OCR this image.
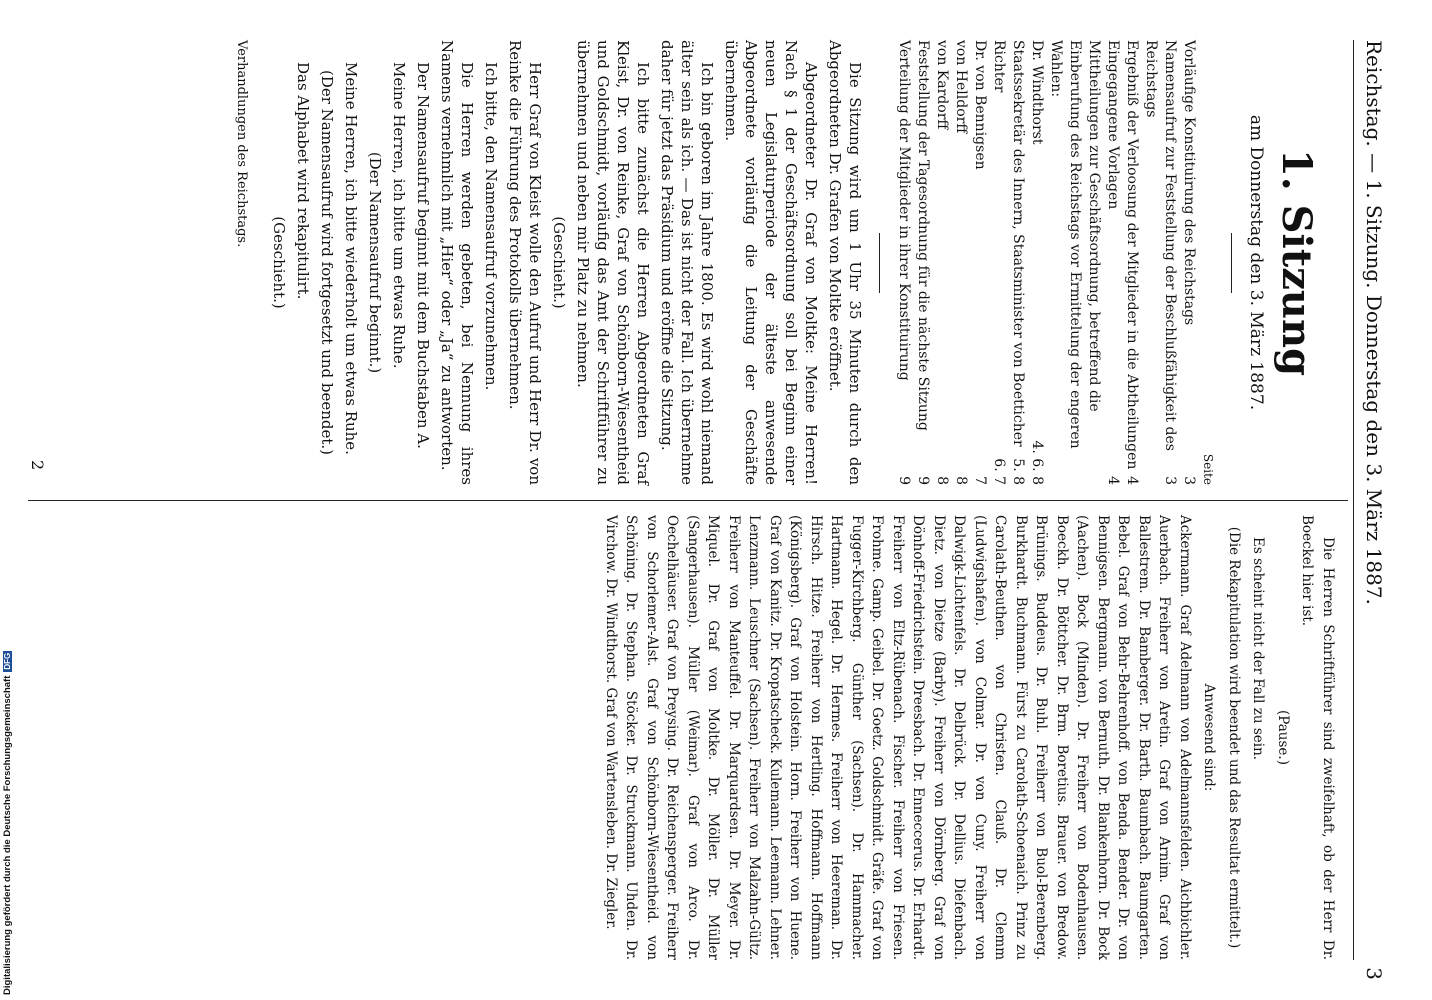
Reichstag. — 1. Sitzung. Donnerstag den 3. März 1887.
3
1. Sitzung
am Donnerstag den 3. März 1887.
Seite
Vorläufige Konstituirung des Reichstags
3
Namensaufruf zur Feststellung der Beschlußfähigkeit des Reichstags
3
Ergebniß der Verloosung der Mitglieder in die Abtheilungen
4
Eingegangene Vorlagen
4
Mittheilungen zur Geschäftsordnung, betreffend die Einberufung des Reichstags vor Ermittelung der engeren Wahlen:
Dr. Windthorst
4. 6. 8
Staatssekretär des Innern, Staatsminister von Boetticher
5. 8
Richter
6. 7
Dr. von Bennigsen
7
von Helldorff
8
von Kardorff
8
Feststellung der Tagesordnung für die nächste Sitzung
9
Verteilung der Mitglieder in ihrer Konstituirung
9
Die Sitzung wird um 1 Uhr 35 Minuten durch den Abgeordneten Dr. Grafen von Moltke eröffnet.
Abgeordneter Dr. Graf von Moltke: Meine Herren! Nach § 1 der Geschäftsordnung soll bei Beginn einer neuen Legislaturperiode der älteste anwesende Abgeordnete vorläufig die Leitung der Geschäfte übernehmen.
Ich bin geboren im Jahre 1800. Es wird wohl niemand älter sein als ich. — Das ist nicht der Fall. Ich übernehme daher für jetzt das Präsidium und eröffne die Sitzung.
Ich bitte zunächst die Herren Abgeordneten Graf Kleist, Dr. von Reinke, Graf von Schönborn-Wiesentheid und Goldschmidt, vorläufig das Amt der Schriftführer zu übernehmen und neben mir Platz zu nehmen.
(Geschieht.)
Herr Graf von Kleist wolle den Aufruf und Herr Dr. von Reinke die Führung des Protokolls übernehmen.
Ich bitte, den Namensaufruf vorzunehmen.
Die Herren werden gebeten, bei Nennung ihres Namens vernehmlich mit „Hier“ oder „Ja“ zu antworten.
Der Namensaufruf beginnt mit dem Buchstaben A.
Meine Herren, ich bitte um etwas Ruhe.
(Der Namensaufruf beginnt.)
Meine Herren, ich bitte wiederholt um etwas Ruhe.
(Der Namensaufruf wird fortgesetzt und beendet.)
Das Alphabet wird rekapitulirt.
(Geschieht.)
Verhandlungen des Reichstags.
Die Herren Schriftführer sind zweifelhaft, ob der Herr Dr. Boeckel hier ist.
(Pause.)
Es scheint nicht der Fall zu sein.
(Die Rekapitulation wird beendet und das Resultat ermittelt.)
Anwesend sind:
Ackermann. Graf Adelmann von Adelmannsfelden. Aichbichler. Auerbach. Freiherr von Aretin. Graf von Arnim. Graf von Ballestrem. Dr. Bamberger. Dr. Barth. Baumbach. Baumgarten. Bebel. Graf von Behr-Behrenhoff. von Benda. Bender. Dr. von Bennigsen. Bergmann. von Bernuth. Dr. Blankenhorn. Dr. Bock (Aachen). Bock (Minden). Dr. Freiherr von Bodenhausen. Boeckh. Dr. Böttcher. Dr. Brm. Boretius. Brauer. von Bredow. Brünings. Buddeus. Dr. Buhl. Freiherr von Buol-Berenberg. Burkhardt. Buchmann. Fürst zu Carolath-Schoenaich. Prinz zu Carolath-Beuthen. von Christen. Clauß. Dr. Clemm (Ludwigshafen). von Colmar. Dr. von Cuny. Freiherr von Dalwigk-Lichtenfels. Dr. Delbrück. Dr. Dellius. Diefenbach. Dietz. von Dietze (Barby). Freiherr von Dörnberg. Graf von Dönhoff-Friedrichstein. Dreesbach. Dr. Enneccerus. Dr. Erhardt. Freiherr von Eltz-Rübenach. Fischer. Freiherr von Friesen. Frohme. Gamp. Geibel. Dr. Goetz. Goldschmidt. Gräfe. Graf von Fugger-Kirchberg. Günther (Sachsen). Dr. Hammacher. Hartmann. Hegel. Dr. Hermes. Freiherr von Heereman. Dr. Hirsch. Hitze. Freiherr von Hertling. Hoffmann. Hoffmann (Königsberg). Graf von Holstein. Horn. Freiherr von Huene. Graf von Kanitz. Dr. Kropatscheck. Kulemann. Leemann. Lehner. Lenzmann. Leuschner (Sachsen). Freiherr von Malzahn-Gültz. Freiherr von Manteuffel. Dr. Marquardsen. Dr. Meyer. Dr. Miquel. Dr. Graf von Moltke. Dr. Möller. Dr. Müller (Sangerhausen). Müller (Weimar). Graf von Arco. Dr. Oechelhäuser. Graf von Preysing. Dr. Reichensperger. Freiherr von Schorlemer-Alst. Graf von Schönborn-Wiesentheid. von Schöning. Dr. Stephan. Stöcker. Dr. Struckmann. Uhden. Dr. Virchow. Dr. Windthorst. Graf von Wartensleben. Dr. Ziegler.
2
Digitalisierung gefördert durch die Deutsche ForschungsgemeinschaftDFG
